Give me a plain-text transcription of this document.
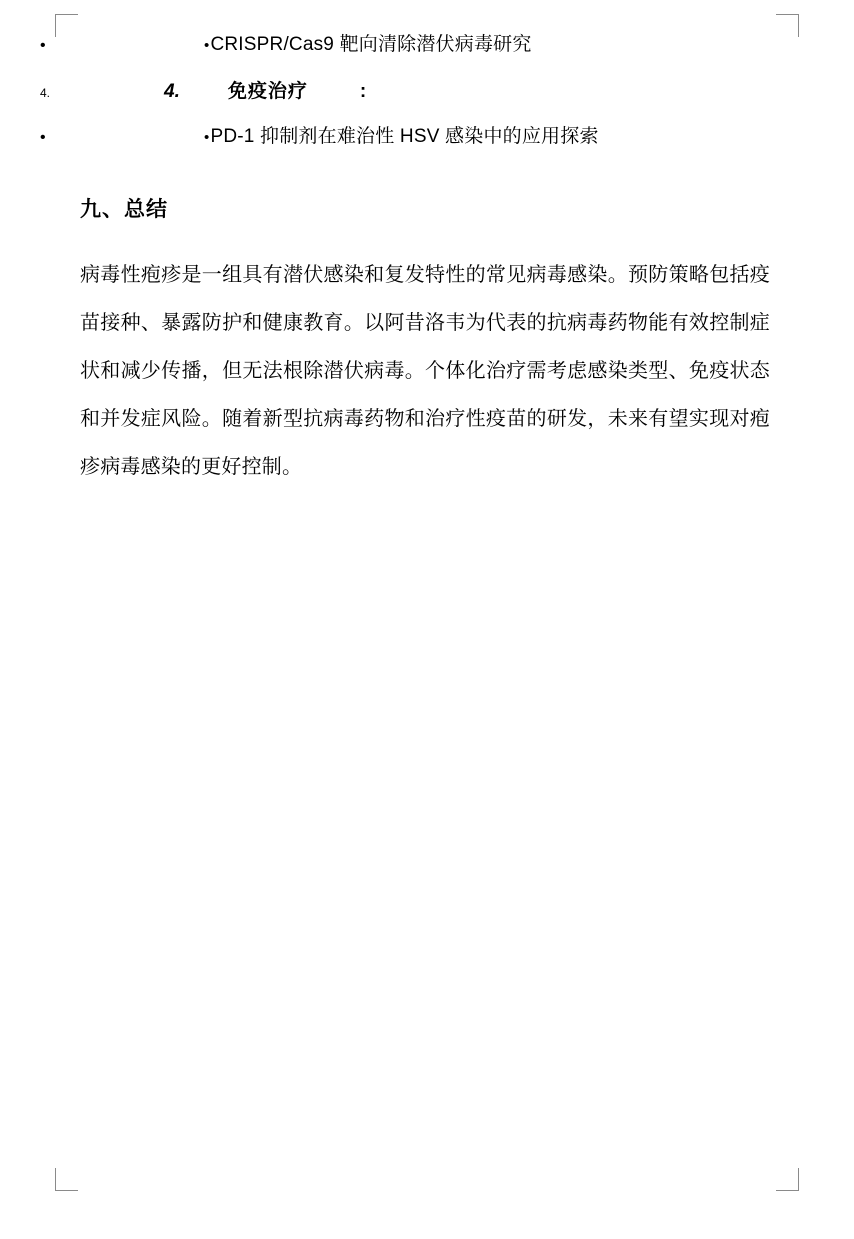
•	•CRISPR/Cas9 靶向清除潜伏病毒研究
4.	4.	免疫治疗	:
•	•PD-1 抑制剂在难治性 HSV 感染中的应用探索
九、总结

病毒性疱疹是一组具有潜伏感染和复发特性的常见病毒感染。预防策略包括疫苗接种、暴露防护和健康教育。以阿昔洛韦为代表的抗病毒药物能有效控制症状和减少传播，但无法根除潜伏病毒。个体化治疗需考虑感染类型、免疫状态和并发症风险。随着新型抗病毒药物和治疗性疫苗的研发，未来有望实现对疱疹病毒感染的更好控制。
